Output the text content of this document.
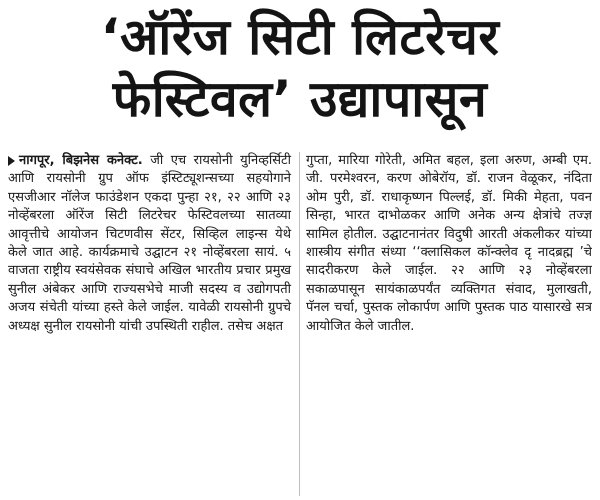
‘ऑरेंज सिटी लिटरेचर
फेस्टिवल’ उद्यापासून
नागपूर, बिझनेस कनेक्ट. जी एच रायसोनी युनिव्हर्सिटी आणि रायसोनी ग्रुप ऑफ इंस्टिट्यूशन्सच्या सहयोगाने एसजीआर नॉलेज फाउंडेशन एकदा पुन्हा २१, २२ आणि २३ नोव्हेंबरला ऑरेंज सिटी लिटरेचर फेस्टिवलच्या सातव्या आवृत्तीचे आयोजन चिटणवीस सेंटर, सिव्हिल लाइन्स येथे केले जात आहे. कार्यक्रमाचे उद्घाटन २१ नोव्हेंबरला सायं. ५ वाजता राष्ट्रीय स्वयंसेवक संघाचे अखिल भारतीय प्रचार प्रमुख सुनील अंबेकर आणि राज्यसभेचे माजी सदस्य व उद्योगपती अजय संचेती यांच्या हस्ते केले जाईल. यावेळी रायसोनी ग्रुपचे अध्यक्ष सुनील रायसोनी यांची उपस्थिती राहील. तसेच अक्षत
गुप्ता, मारिया गोरेती, अमित बहल, इला अरुण, अम्बी एम. जी. परमेश्वरन, करण ओबेरॉय, डॉ. राजन वेळूकर, नंदिता ओम पुरी, डॉ. राधाकृष्णन पिल्लई, डॉ. मिकी मेहता, पवन सिन्हा, भारत दाभोळकर आणि अनेक अन्य क्षेत्रांचे तज्ज्ञ सामिल होतील. उद्घाटनानंतर विदुषी आरती अंकलीकर यांच्या शास्त्रीय संगीत संध्या ‘‘क्लासिकल कॉन्क्लेव दृ नादब्रह्म ’चे सादरीकरण केले जाईल. २२ आणि २३ नोव्हेंबरला सकाळपासून सायंकाळपर्यंत व्यक्तिगत संवाद, मुलाखती, पॅनल चर्चा, पुस्तक लोकार्पण आणि पुस्तक पाठ यासारखे सत्र आयोजित केले जातील.
